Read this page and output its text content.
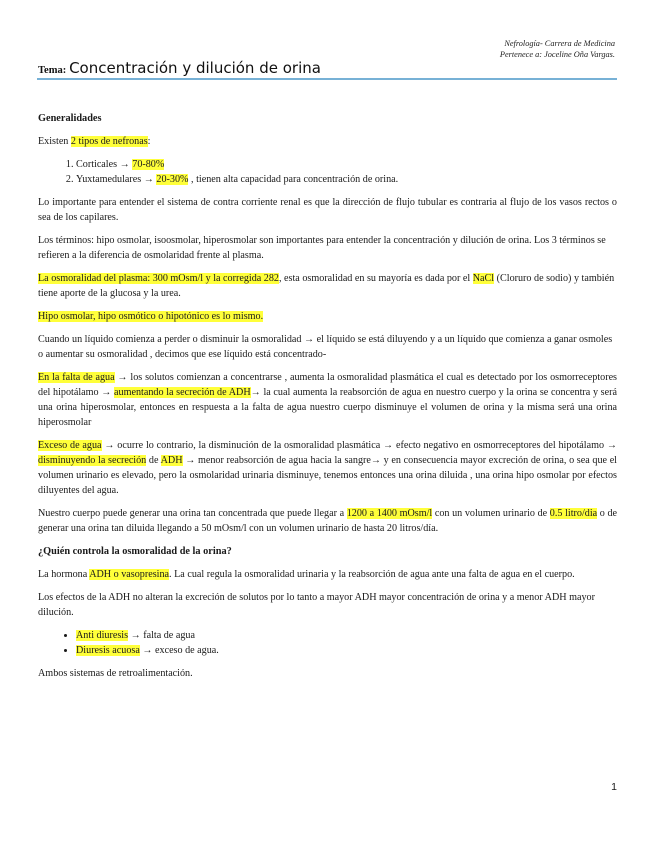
Nefrología- Carrera de Medicina
Pertenece a: Joceline Oña Vargas.
Tema: Concentración y dilución de orina
Generalidades

Existen 2 tipos de nefronas:

1. Corticales → 70-80%
2. Yuxtamedulares → 20-30% , tienen alta capacidad para concentración de orina.

Lo importante para entender el sistema de contra corriente renal es que la dirección de flujo tubular es contraria al flujo de los vasos rectos o sea de los capilares.

Los términos: hipo osmolar, isoosmolar, hiperosmolar son importantes para entender la concentración y dilución de orina. Los 3 términos se refieren a la diferencia de osmolaridad frente al plasma.

La osmoralidad del plasma: 300 mOsm/l y la corregida 282, esta osmoralidad en su mayoría es dada por el NaCl (Cloruro de sodio) y también tiene aporte de la glucosa y la urea.

Hipo osmolar, hipo osmótico o hipotónico es lo mismo.

Cuando un líquido comienza a perder o disminuir la osmoralidad → el líquido se está diluyendo y a un líquido que comienza a ganar osmoles o aumentar su osmoralidad , decimos que ese líquido está concentrado-

En la falta de agua → los solutos comienzan a concentrarse , aumenta la osmoralidad plasmática el cual es detectado por los osmorreceptores del hipotálamo → aumentando la secreción de ADH→ la cual aumenta la reabsorción de agua en nuestro cuerpo y la orina se concentra y será una orina hiperosmolar, entonces en respuesta a la falta de agua nuestro cuerpo disminuye el volumen de orina y la misma será una orina hiperosmolar

Exceso de agua → ocurre lo contrario, la disminución de la osmoralidad plasmática → efecto negativo en osmorreceptores del hipotálamo → disminuyendo la secreción de ADH → menor reabsorción de agua hacia la sangre→ y en consecuencia mayor excreción de orina, o sea que el volumen urinario es elevado, pero la osmolaridad urinaria disminuye, tenemos entonces una orina diluida , una orina hipo osmolar por efectos diluyentes del agua.

Nuestro cuerpo puede generar una orina tan concentrada que puede llegar a 1200 a 1400 mOsm/l con un volumen urinario de 0.5 litro/dia o de generar una orina tan diluida llegando a 50 mOsm/l con un volumen urinario de hasta 20 litros/día.

¿Quién controla la osmoralidad de la orina?

La hormona ADH o vasopresina. La cual regula la osmoralidad urinaria y la reabsorción de agua ante una falta de agua en el cuerpo.

Los efectos de la ADH no alteran la excreción de solutos por lo tanto a mayor ADH mayor concentración de orina y a menor ADH mayor dilución.

• Anti diuresis → falta de agua
• Diuresis acuosa → exceso de agua.

Ambos sistemas de retroalimentación.

1
